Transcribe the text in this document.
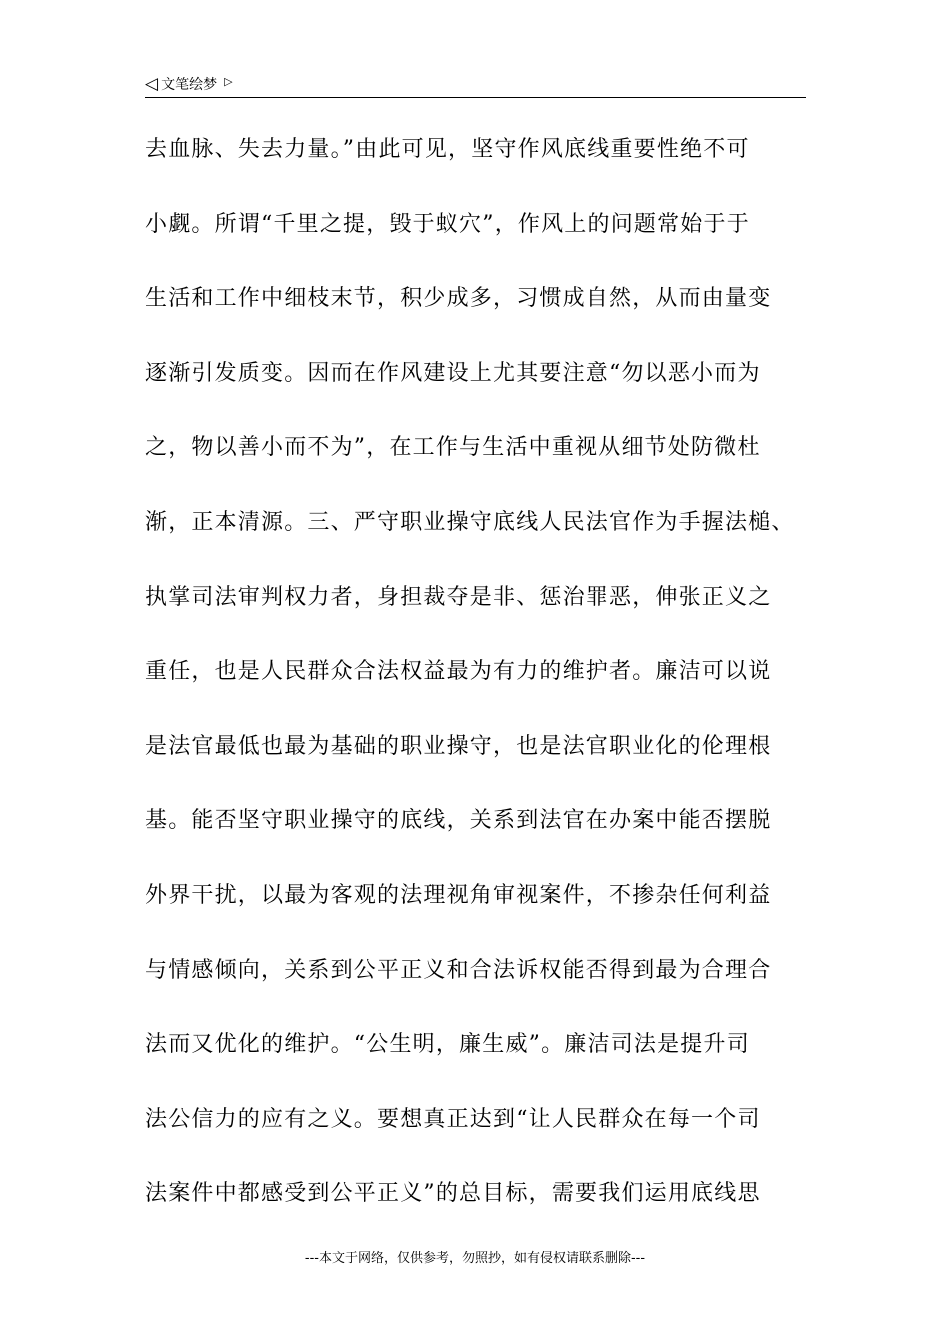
◁ 文笔绘梦 ▷
去血脉、失去力量。”由此可见，坚守作风底线重要性绝不可
小觑。所谓“千里之提，毁于蚁穴”，作风上的问题常始于于
生活和工作中细枝末节，积少成多，习惯成自然，从而由量变
逐渐引发质变。因而在作风建设上尤其要注意“勿以恶小而为
之，物以善小而不为”，在工作与生活中重视从细节处防微杜
渐，正本清源。三、严守职业操守底线人民法官作为手握法槌、
执掌司法审判权力者，身担裁夺是非、惩治罪恶，伸张正义之
重任，也是人民群众合法权益最为有力的维护者。廉洁可以说
是法官最低也最为基础的职业操守，也是法官职业化的伦理根
基。能否坚守职业操守的底线，关系到法官在办案中能否摆脱
外界干扰，以最为客观的法理视角审视案件，不掺杂任何利益
与情感倾向，关系到公平正义和合法诉权能否得到最为合理合
法而又优化的维护。“公生明，廉生威”。廉洁司法是提升司
法公信力的应有之义。要想真正达到“让人民群众在每一个司
法案件中都感受到公平正义”的总目标，需要我们运用底线思
---本文于网络，仅供参考，勿照抄，如有侵权请联系删除---
